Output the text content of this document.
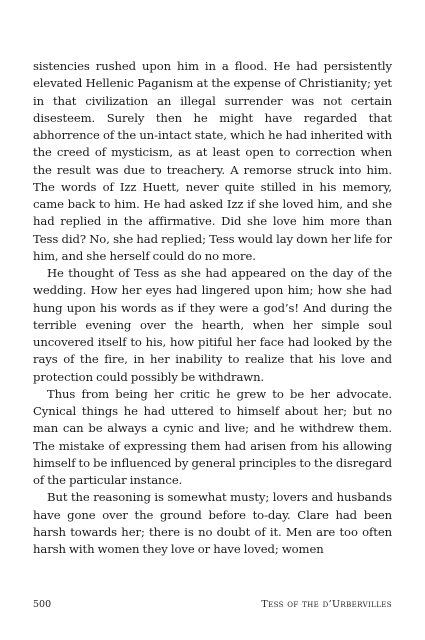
sistencies rushed upon him in a flood. He had persistently elevated Hellenic Paganism at the expense of Christianity; yet in that civilization an illegal surrender was not certain disesteem. Surely then he might have regarded that abhorrence of the un-intact state, which he had inherited with the creed of mysticism, as at least open to correction when the result was due to treachery. A remorse struck into him. The words of Izz Huett, never quite stilled in his memory, came back to him. He had asked Izz if she loved him, and she had replied in the affirmative. Did she love him more than Tess did? No, she had replied; Tess would lay down her life for him, and she herself could do no more.

He thought of Tess as she had appeared on the day of the wedding. How her eyes had lingered upon him; how she had hung upon his words as if they were a god’s! And during the terrible evening over the hearth, when her simple soul uncovered itself to his, how pitiful her face had looked by the rays of the fire, in her inability to realize that his love and protection could possibly be withdrawn.

Thus from being her critic he grew to be her advocate. Cynical things he had uttered to himself about her; but no man can be always a cynic and live; and he withdrew them. The mistake of expressing them had arisen from his allowing himself to be influenced by general principles to the disregard of the particular instance.

But the reasoning is somewhat musty; lovers and husbands have gone over the ground before to-day. Clare had been harsh towards her; there is no doubt of it. Men are too often harsh with women they love or have loved; women

500	Tess of the d’Urbervilles
